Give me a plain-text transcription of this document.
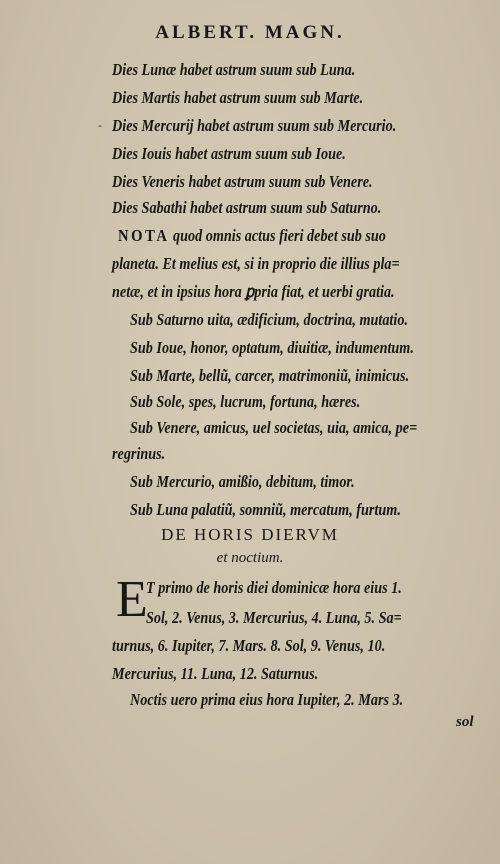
ALBERT. MAGN.
-
Dies Lunæ habet astrum suum sub Luna.
Dies Martis habet astrum suum sub Marte.
Dies Mercurij habet astrum suum sub Mercurio.
Dies Iouis habet astrum suum sub Ioue.
Dies Veneris habet astrum suum sub Venere.
Dies Sabathi habet astrum suum sub Saturno.
NOTA quod omnis actus fieri debet sub suo
planeta. Et melius est, si in proprio die illius pla=
netæ, et in ipsius hora ꝑpria fiat, et uerbi gratia.
Sub Saturno uita, ædificium, doctrina, mutatio.
Sub Ioue, honor, optatum, diuitiæ, indumentum.
Sub Marte, bellũ, carcer, matrimoniũ, inimicus.
Sub Sole, spes, lucrum, fortuna, hæres.
Sub Venere, amicus, uel societas, uia, amica, pe=
regrinus.
Sub Mercurio, amißio, debitum, timor.
Sub Luna palatiũ, somniũ, mercatum, furtum.
DE HORIS DIERVM
et noctium.
E
T primo de horis diei dominicæ hora eius 1.
Sol, 2. Venus, 3. Mercurius, 4. Luna, 5. Sa=
turnus, 6. Iupiter, 7. Mars. 8. Sol, 9. Venus, 10.
Mercurius, 11. Luna, 12. Saturnus.
Noctis uero prima eius hora Iupiter, 2. Mars 3.
sol
